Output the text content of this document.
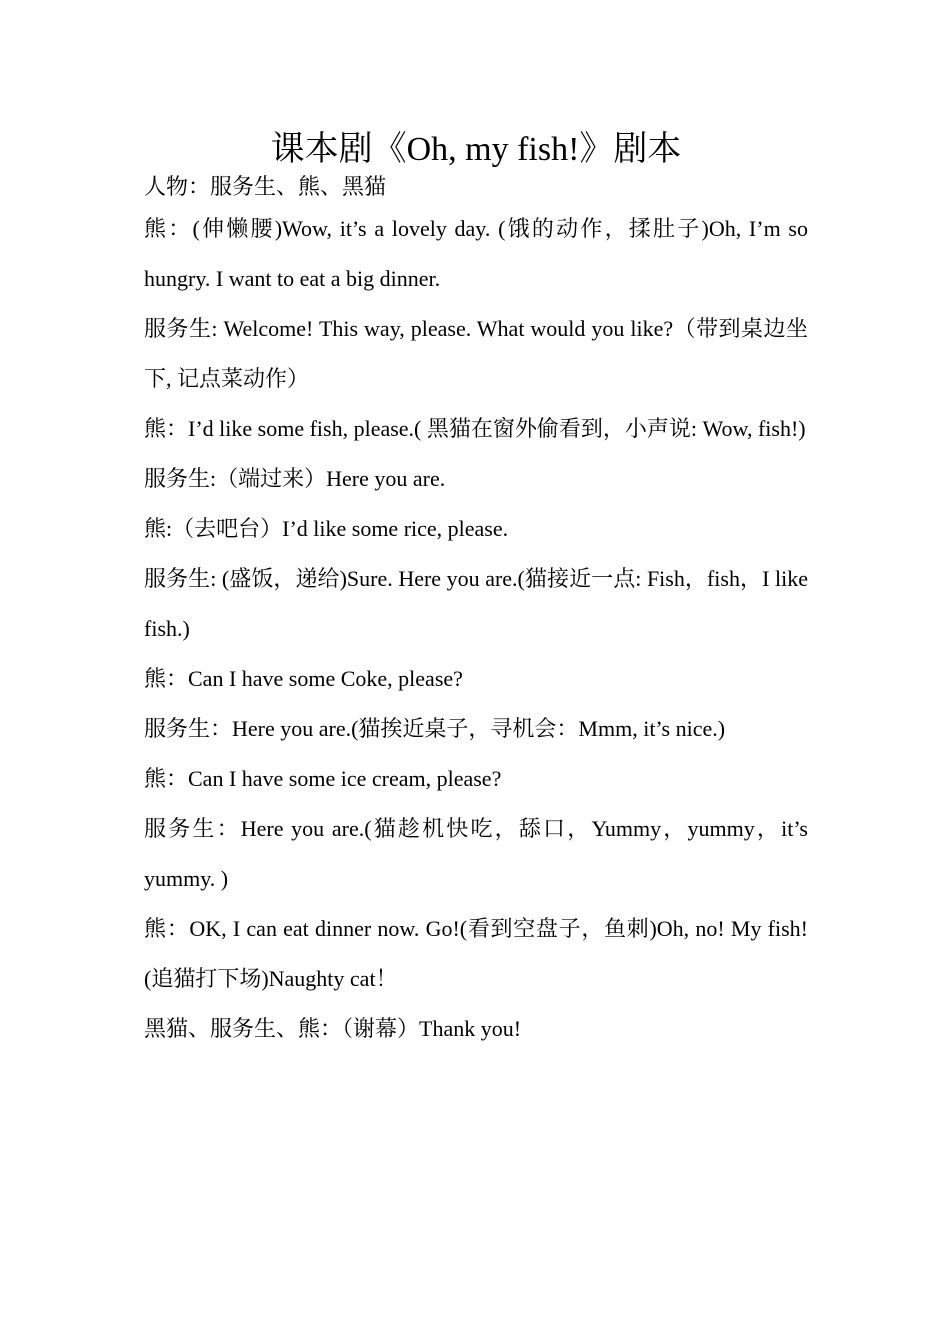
课本剧《Oh, my fish!》剧本

人物：服务生、熊、黑猫

熊：(伸懒腰)Wow, it’s a lovely day. (饿的动作，揉肚子)Oh, I’m so hungry. I want to eat a big dinner.

服务生: Welcome! This way, please. What would you like?（带到桌边坐下, 记点菜动作）

熊：I’d like some fish, please.( 黑猫在窗外偷看到，小声说: Wow, fish!)

服务生:（端过来）Here you are.

熊:（去吧台）I’d like some rice, please.

服务生: (盛饭，递给)Sure. Here you are.(猫接近一点: Fish，fish，I like fish.)

熊：Can I have some Coke, please?

服务生：Here you are.(猫挨近桌子，寻机会：Mmm, it’s nice.)

熊：Can I have some ice cream, please?

服务生：Here you are.(猫趁机快吃，舔口，Yummy，yummy，it’s yummy. )

熊：OK, I can eat dinner now. Go!(看到空盘子，鱼刺)Oh, no! My fish!(追猫打下场)Naughty cat！

黑猫、服务生、熊：（谢幕）Thank you!
